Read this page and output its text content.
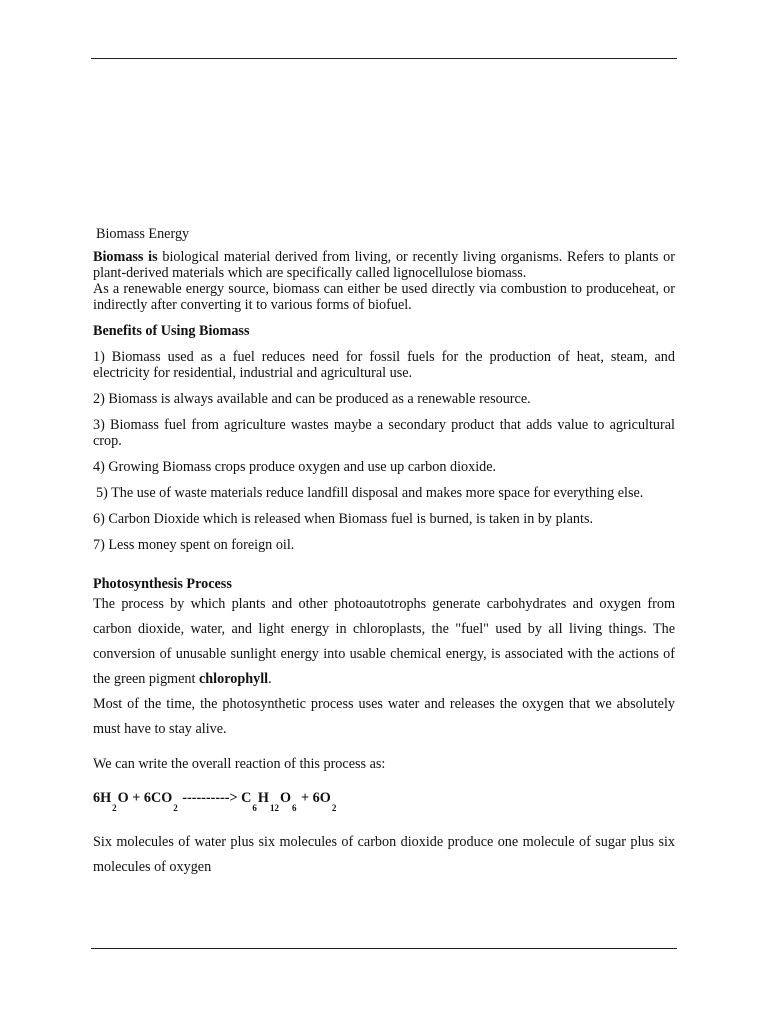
Biomass Energy

Biomass is biological material derived from living, or recently living organisms. Refers to plants or plant-derived materials which are specifically called lignocellulose biomass.

As a renewable energy source, biomass can either be used directly via combustion to produceheat, or indirectly after converting it to various forms of biofuel.

Benefits of Using Biomass

1) Biomass used as a fuel reduces need for fossil fuels for the production of heat, steam, and electricity for residential, industrial and agricultural use.

2) Biomass is always available and can be produced as a renewable resource.

3) Biomass fuel from agriculture wastes maybe a secondary product that adds value to agricultural crop.

4) Growing Biomass crops produce oxygen and use up carbon dioxide.

5) The use of waste materials reduce landfill disposal and makes more space for everything else.

6) Carbon Dioxide which is released when Biomass fuel is burned, is taken in by plants.

7) Less money spent on foreign oil.

Photosynthesis Process

The process by which plants and other photoautotrophs generate carbohydrates and oxygen from carbon dioxide, water, and light energy in chloroplasts, the "fuel" used by all living things. The conversion of unusable sunlight energy into usable chemical energy, is associated with the actions of the green pigment chlorophyll.

Most of the time, the photosynthetic process uses water and releases the oxygen that we absolutely must have to stay alive.

We can write the overall reaction of this process as:

$6H_2O + 6CO_2$ ----------> $C_6H_{12}O_6 + 6O_2$

Six molecules of water plus six molecules of carbon dioxide produce one molecule of sugar plus six molecules of oxygen
